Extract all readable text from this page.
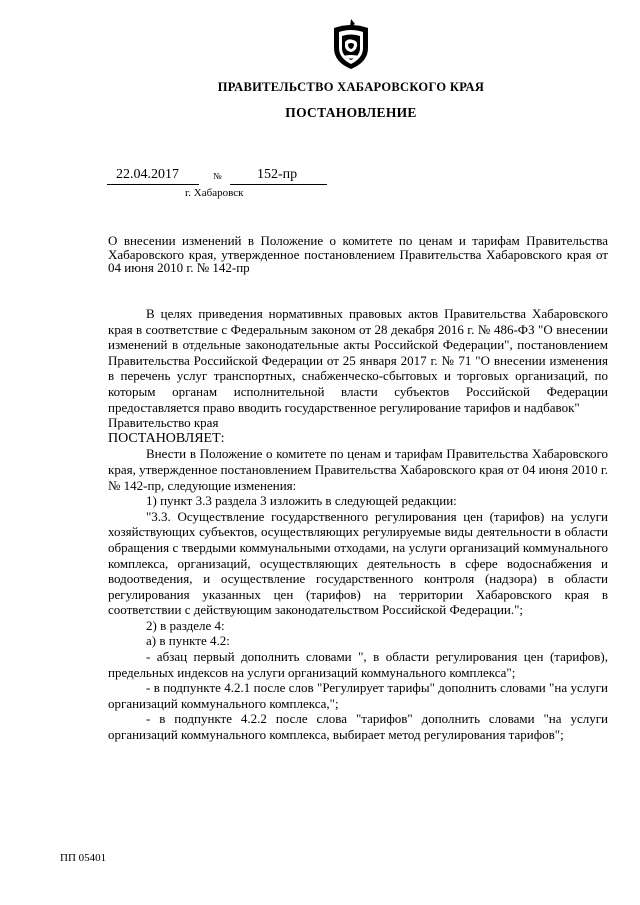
ПРАВИТЕЛЬСТВО ХАБАРОВСКОГО КРАЯ
ПОСТАНОВЛЕНИЕ
22.04.2017	№	152-пр
г. Хабаровск
О внесении изменений в Положение о комитете по ценам и тарифам Правительства Хабаровского края, утвержденное постановлением Правительства Хабаровского края от 04 июня 2010 г. № 142-пр

В целях приведения нормативных правовых актов Правительства Хабаровского края в соответствие с Федеральным законом от 28 декабря 2016 г. № 486-ФЗ "О внесении изменений в отдельные законодательные акты Российской Федерации", постановлением Правительства Российской Федерации от 25 января 2017 г. № 71 "О внесении изменения в перечень услуг транспортных, снабженческо-сбытовых и торговых организаций, по которым органам исполнительной власти субъектов Российской Федерации предоставляется право вводить государственное регулирование тарифов и надбавок"

Правительство края

ПОСТАНОВЛЯЕТ:

Внести в Положение о комитете по ценам и тарифам Правительства Хабаровского края, утвержденное постановлением Правительства Хабаровского края от 04 июня 2010 г. № 142-пр, следующие изменения:

1) пункт 3.3 раздела 3 изложить в следующей редакции:

"3.3. Осуществление государственного регулирования цен (тарифов) на услуги хозяйствующих субъектов, осуществляющих регулируемые виды деятельности в области обращения с твердыми коммунальными отходами, на услуги организаций коммунального комплекса, организаций, осуществляющих деятельность в сфере водоснабжения и водоотведения, и осуществление государственного контроля (надзора) в области регулирования указанных цен (тарифов) на территории Хабаровского края в соответствии с действующим законодательством Российской Федерации.";

2) в разделе 4:

а) в пункте 4.2:

- абзац первый дополнить словами ", в области регулирования цен (тарифов), предельных индексов на услуги организаций коммунального комплекса";

- в подпункте 4.2.1 после слов "Регулирует тарифы" дополнить словами "на услуги организаций коммунального комплекса,";

- в подпункте 4.2.2 после слова "тарифов" дополнить словами "на услуги организаций коммунального комплекса, выбирает метод регулирования тарифов";

ПП 05401
